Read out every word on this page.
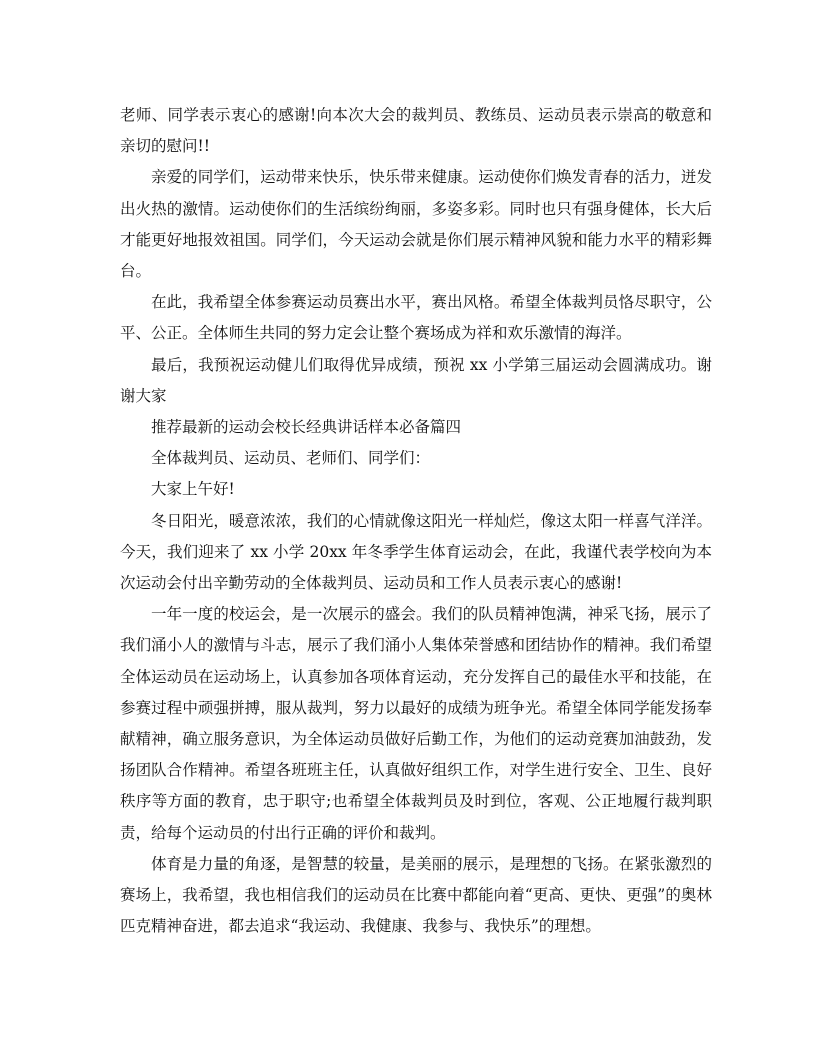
老师、同学表示衷心的感谢!向本次大会的裁判员、教练员、运动员表示崇高的敬意和亲切的慰问!!

亲爱的同学们，运动带来快乐，快乐带来健康。运动使你们焕发青春的活力，迸发出火热的激情。运动使你们的生活缤纷绚丽，多姿多彩。同时也只有强身健体，长大后才能更好地报效祖国。同学们，今天运动会就是你们展示精神风貌和能力水平的精彩舞台。

在此，我希望全体参赛运动员赛出水平，赛出风格。希望全体裁判员恪尽职守，公平、公正。全体师生共同的努力定会让整个赛场成为祥和欢乐激情的海洋。

最后，我预祝运动健儿们取得优异成绩，预祝 xx 小学第三届运动会圆满成功。谢谢大家

推荐最新的运动会校长经典讲话样本必备篇四

全体裁判员、运动员、老师们、同学们：

大家上午好!

冬日阳光，暖意浓浓，我们的心情就像这阳光一样灿烂，像这太阳一样喜气洋洋。今天，我们迎来了 xx 小学 20xx 年冬季学生体育运动会，在此，我谨代表学校向为本次运动会付出辛勤劳动的全体裁判员、运动员和工作人员表示衷心的感谢!

一年一度的校运会，是一次展示的盛会。我们的队员精神饱满，神采飞扬，展示了我们涌小人的激情与斗志，展示了我们涌小人集体荣誉感和团结协作的精神。我们希望全体运动员在运动场上，认真参加各项体育运动，充分发挥自己的最佳水平和技能，在参赛过程中顽强拼搏，服从裁判，努力以最好的成绩为班争光。希望全体同学能发扬奉献精神，确立服务意识，为全体运动员做好后勤工作，为他们的运动竞赛加油鼓劲，发扬团队合作精神。希望各班班主任，认真做好组织工作，对学生进行安全、卫生、良好秩序等方面的教育，忠于职守;也希望全体裁判员及时到位，客观、公正地履行裁判职责，给每个运动员的付出行正确的评价和裁判。

体育是力量的角逐，是智慧的较量，是美丽的展示，是理想的飞扬。在紧张激烈的赛场上，我希望，我也相信我们的运动员在比赛中都能向着“更高、更快、更强”的奥林匹克精神奋进，都去追求“我运动、我健康、我参与、我快乐”的理想。
